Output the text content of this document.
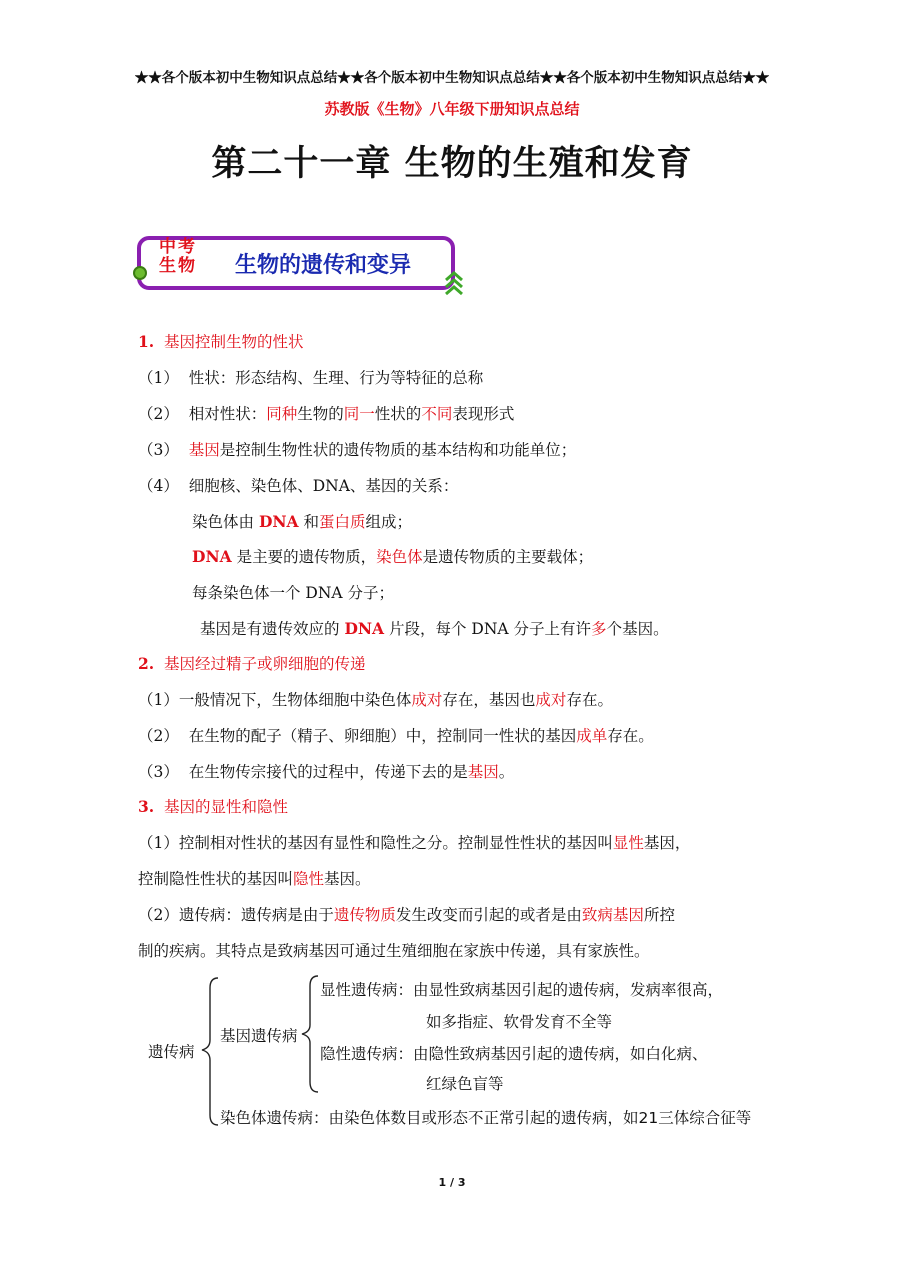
★★各个版本初中生物知识点总结★★各个版本初中生物知识点总结★★各个版本初中生物知识点总结★★
苏教版《生物》八年级下册知识点总结
第二十一章 生物的生殖和发育
中考
生物 生物的遗传和变异
1. 基因控制生物的性状
（1） 性状：形态结构、生理、行为等特征的总称
（2） 相对性状：同种生物的同一性状的不同表现形式
（3） 基因是控制生物性状的遗传物质的基本结构和功能单位；
（4） 细胞核、染色体、DNA、基因的关系：
染色体由 DNA 和蛋白质组成；
DNA 是主要的遗传物质，染色体是遗传物质的主要载体；
每条染色体一个 DNA 分子；
基因是有遗传效应的 DNA 片段，每个 DNA 分子上有许多个基因。
2. 基因经过精子或卵细胞的传递
（1）一般情况下，生物体细胞中染色体成对存在，基因也成对存在。
（2） 在生物的配子（精子、卵细胞）中，控制同一性状的基因成单存在。
（3） 在生物传宗接代的过程中，传递下去的是基因。
3. 基因的显性和隐性
（1）控制相对性状的基因有显性和隐性之分。控制显性性状的基因叫显性基因，
控制隐性性状的基因叫隐性基因。
（2）遗传病：遗传病是由于遗传物质发生改变而引起的或者是由致病基因所控
制的疾病。其特点是致病基因可通过生殖细胞在家族中传递，具有家族性。
遗传病
基因遗传病
显性遗传病：由显性致病基因引起的遗传病，发病率很高，
如多指症、软骨发育不全等
隐性遗传病：由隐性致病基因引起的遗传病，如白化病、
红绿色盲等
染色体遗传病：由染色体数目或形态不正常引起的遗传病，如21三体综合征等
1 / 3
